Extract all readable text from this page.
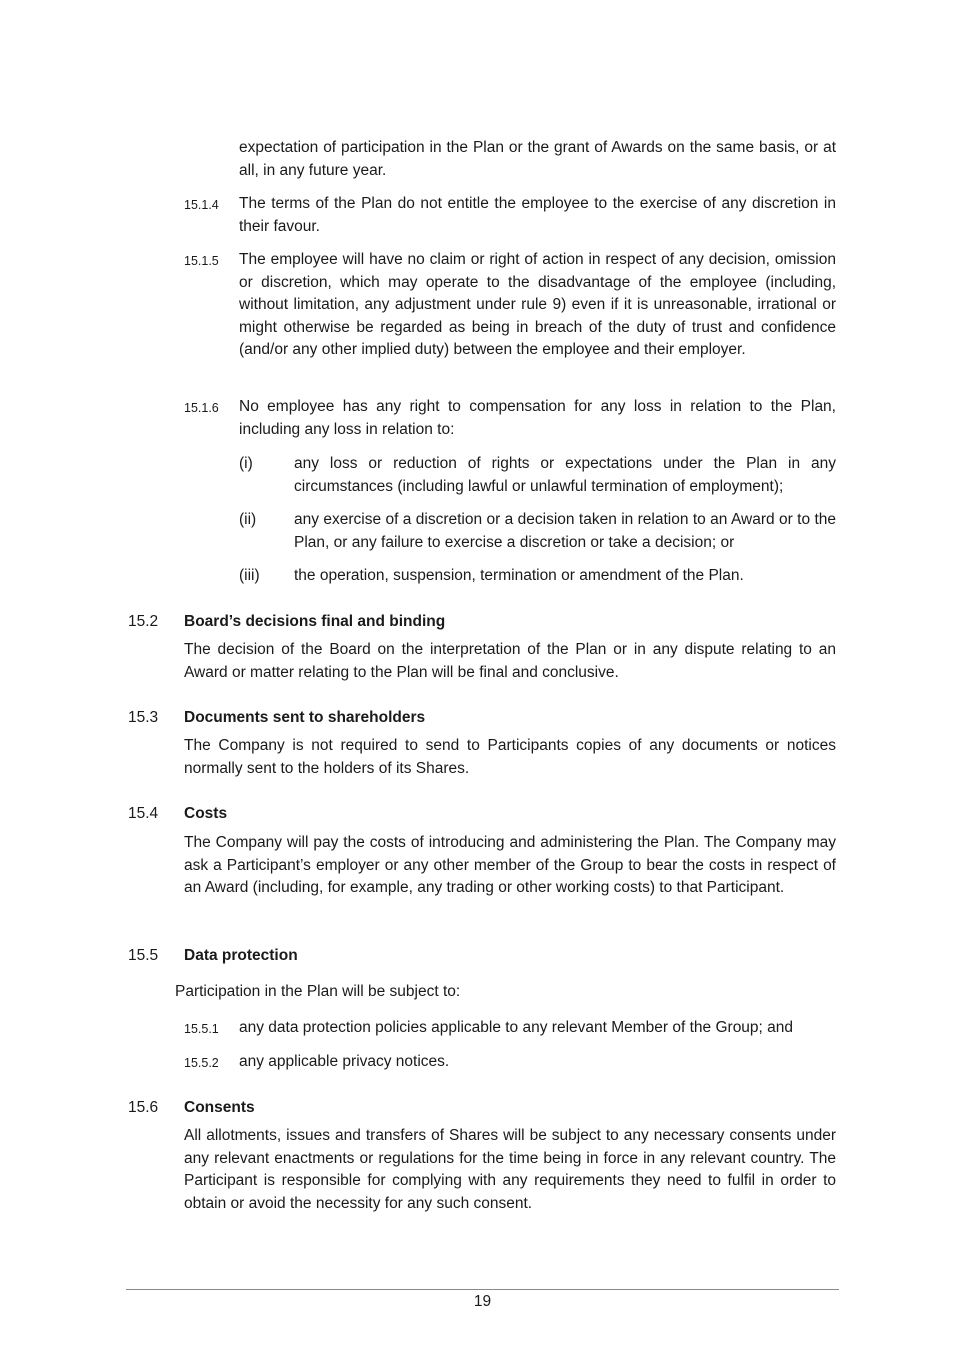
expectation of participation in the Plan or the grant of Awards on the same basis, or at all, in any future year.
15.1.4 The terms of the Plan do not entitle the employee to the exercise of any discretion in their favour.
15.1.5 The employee will have no claim or right of action in respect of any decision, omission or discretion, which may operate to the disadvantage of the employee (including, without limitation, any adjustment under rule 9) even if it is unreasonable, irrational or might otherwise be regarded as being in breach of the duty of trust and confidence (and/or any other implied duty) between the employee and their employer.
15.1.6 No employee has any right to compensation for any loss in relation to the Plan, including any loss in relation to:
(i)	any loss or reduction of rights or expectations under the Plan in any circumstances (including lawful or unlawful termination of employment);
(ii) any exercise of a discretion or a decision taken in relation to an Award or to the Plan, or any failure to exercise a discretion or take a decision; or
(iii) the operation, suspension, termination or amendment of the Plan.
15.2 Board’s decisions final and binding
The decision of the Board on the interpretation of the Plan or in any dispute relating to an Award or matter relating to the Plan will be final and conclusive.
15.3 Documents sent to shareholders
The Company is not required to send to Participants copies of any documents or notices normally sent to the holders of its Shares.
15.4 Costs
The Company will pay the costs of introducing and administering the Plan. The Company may ask a Participant’s employer or any other member of the Group to bear the costs in respect of an Award (including, for example, any trading or other working costs) to that Participant.
15.5 Data protection
Participation in the Plan will be subject to:
15.5.1 any data protection policies applicable to any relevant Member of the Group; and
15.5.2 any applicable privacy notices.
15.6 Consents
All allotments, issues and transfers of Shares will be subject to any necessary consents under any relevant enactments or regulations for the time being in force in any relevant country. The Participant is responsible for complying with any requirements they need to fulfil in order to obtain or avoid the necessity for any such consent.
19
